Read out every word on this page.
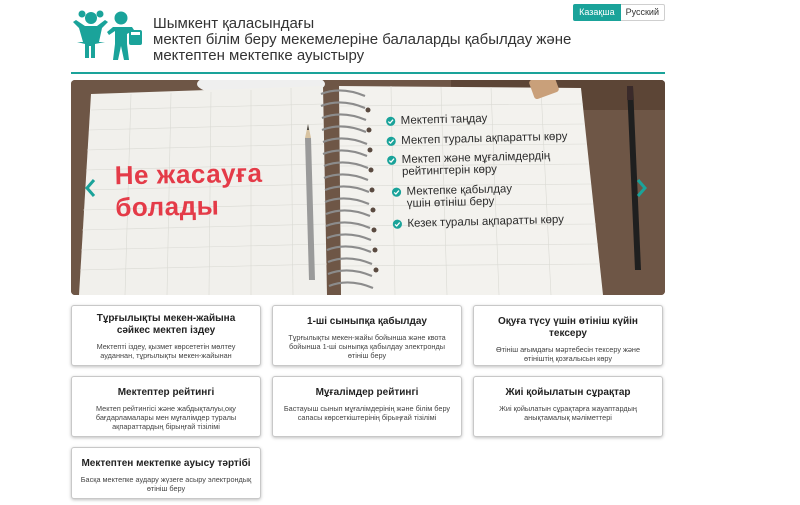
Шымкент қаласындағы
мектеп білім беру мекемелеріне балаларды қабылдау және
мектептен мектепке ауыстыру
Казақша	Русский
Не жасауға
болады
Мектепті таңдау
Мектеп туралы ақпаратты көру
Мектеп және мұғалімдердің рейтингтерін көру
Мектепке қабылдау үшін өтініш беру
Кезек туралы ақпаратты көру
Тұрғылықты мекен-жайына сәйкес мектеп іздеу
Мектепті іздеу, қызмет көрсететін мөлтеу ауданнан, тұрғылықты мекен-жайынан
1-ші сыныпқа қабылдау
Тұрғылықты мекен-жайы бойынша және квота бойынша 1-ші сыныпқа қабылдау электронды өтініш беру
Оқуға түсу үшін өтініш күйін тексеру
Өтініш ағымдағы мәртебесін тексеру және өтініштің қозғалысын көру
Мектептер рейтингі
Мектеп рейтингісі және жабдықталуы,оқу бағдарламалары мен мұғалімдер туралы ақпараттардың бірыңғай тізілімі
Мұғалімдер рейтингі
Бастауыш сынып мұғалімдерінің және білім беру сапасы көрсеткіштерінің бірыңғай тізілімі
Жиі қойылатын сұрақтар
Жиі қойылатын сұрақтарға жауаптардың анықтамалық мәліметтері
Мектептен мектепке ауысу тәртібі
Басқа мектепке аудару жүзеге асыру электрондық өтініш беру
